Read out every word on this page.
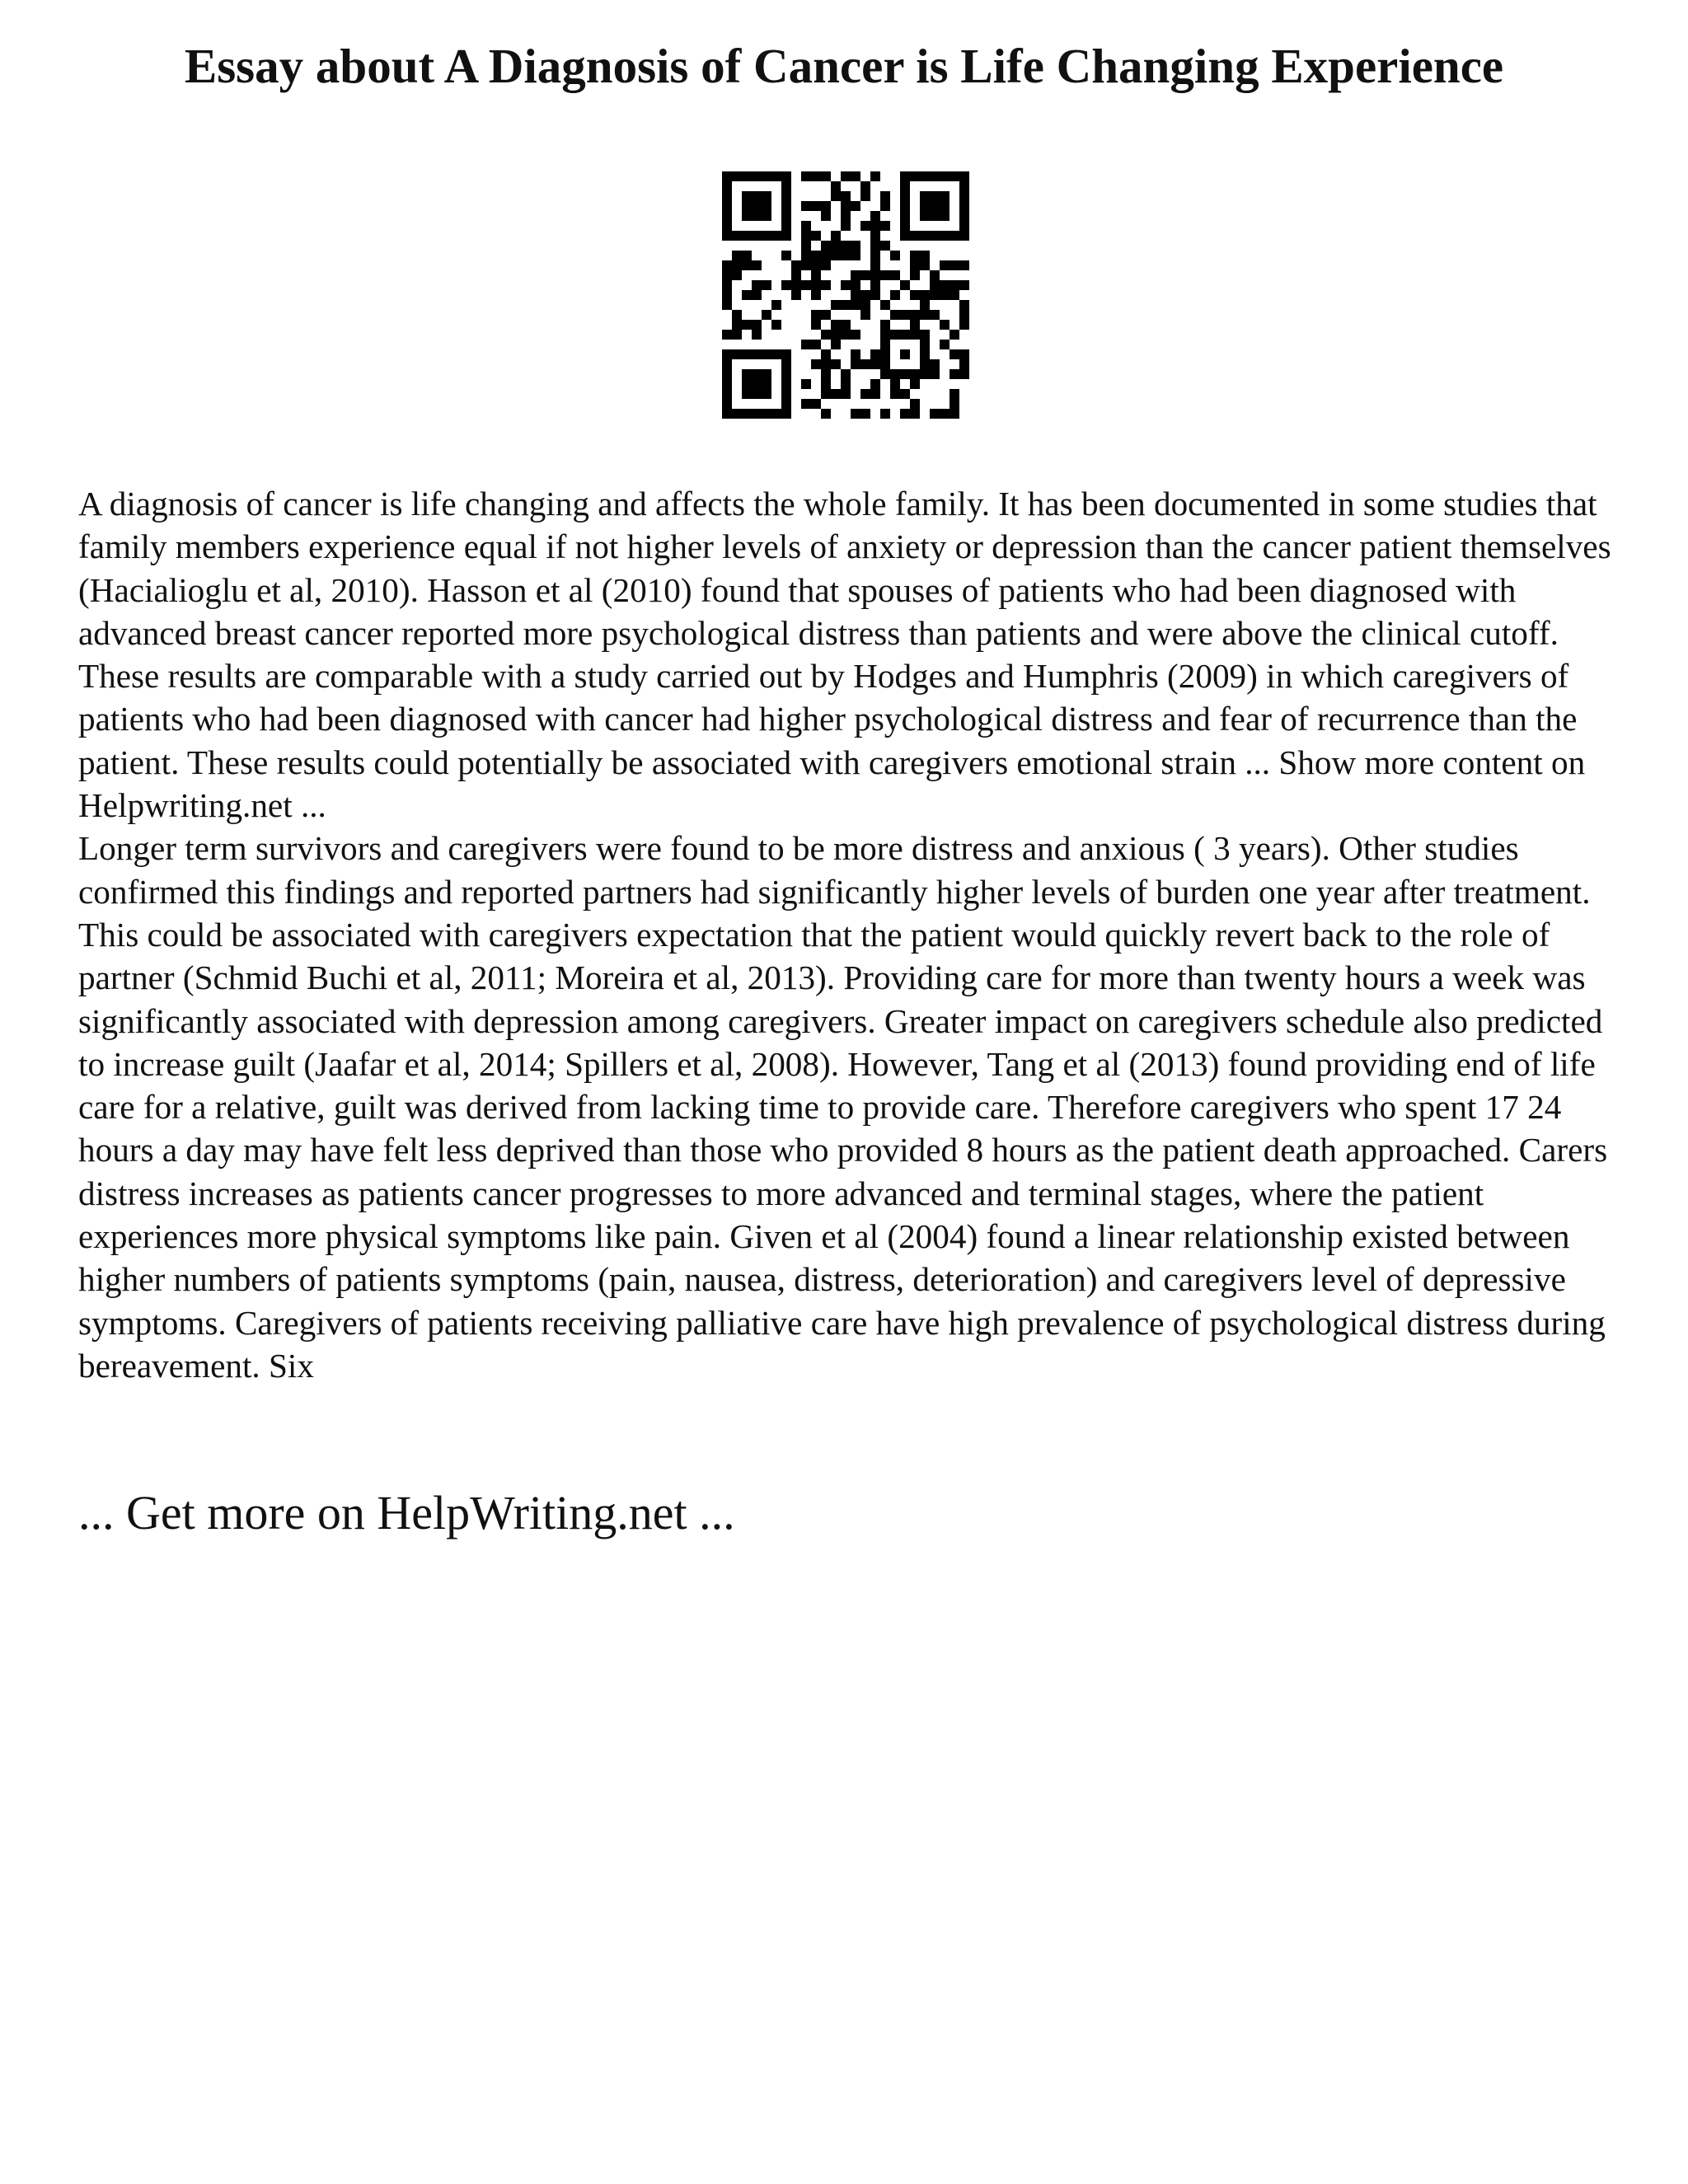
Essay about A Diagnosis of Cancer is Life Changing Experience

A diagnosis of cancer is life changing and affects the whole family. It has been documented in some studies that family members experience equal if not higher levels of anxiety or depression than the cancer patient themselves (Hacialioglu et al, 2010). Hasson et al (2010) found that spouses of patients who had been diagnosed with advanced breast cancer reported more psychological distress than patients and were above the clinical cutoff. These results are comparable with a study carried out by Hodges and Humphris (2009) in which caregivers of patients who had been diagnosed with cancer had higher psychological distress and fear of recurrence than the patient. These results could potentially be associated with caregivers emotional strain ... Show more content on Helpwriting.net ...

Longer term survivors and caregivers were found to be more distress and anxious ( 3 years). Other studies confirmed this findings and reported partners had significantly higher levels of burden one year after treatment. This could be associated with caregivers expectation that the patient would quickly revert back to the role of partner (Schmid Buchi et al, 2011; Moreira et al, 2013). Providing care for more than twenty hours a week was significantly associated with depression among caregivers. Greater impact on caregivers schedule also predicted to increase guilt (Jaafar et al, 2014; Spillers et al, 2008). However, Tang et al (2013) found providing end of life care for a relative, guilt was derived from lacking time to provide care. Therefore caregivers who spent 17 24 hours a day may have felt less deprived than those who provided 8 hours as the patient death approached. Carers distress increases as patients cancer progresses to more advanced and terminal stages, where the patient experiences more physical symptoms like pain. Given et al (2004) found a linear relationship existed between higher numbers of patients symptoms (pain, nausea, distress, deterioration) and caregivers level of depressive symptoms. Caregivers of patients receiving palliative care have high prevalence of psychological distress during bereavement. Six

... Get more on HelpWriting.net ...
